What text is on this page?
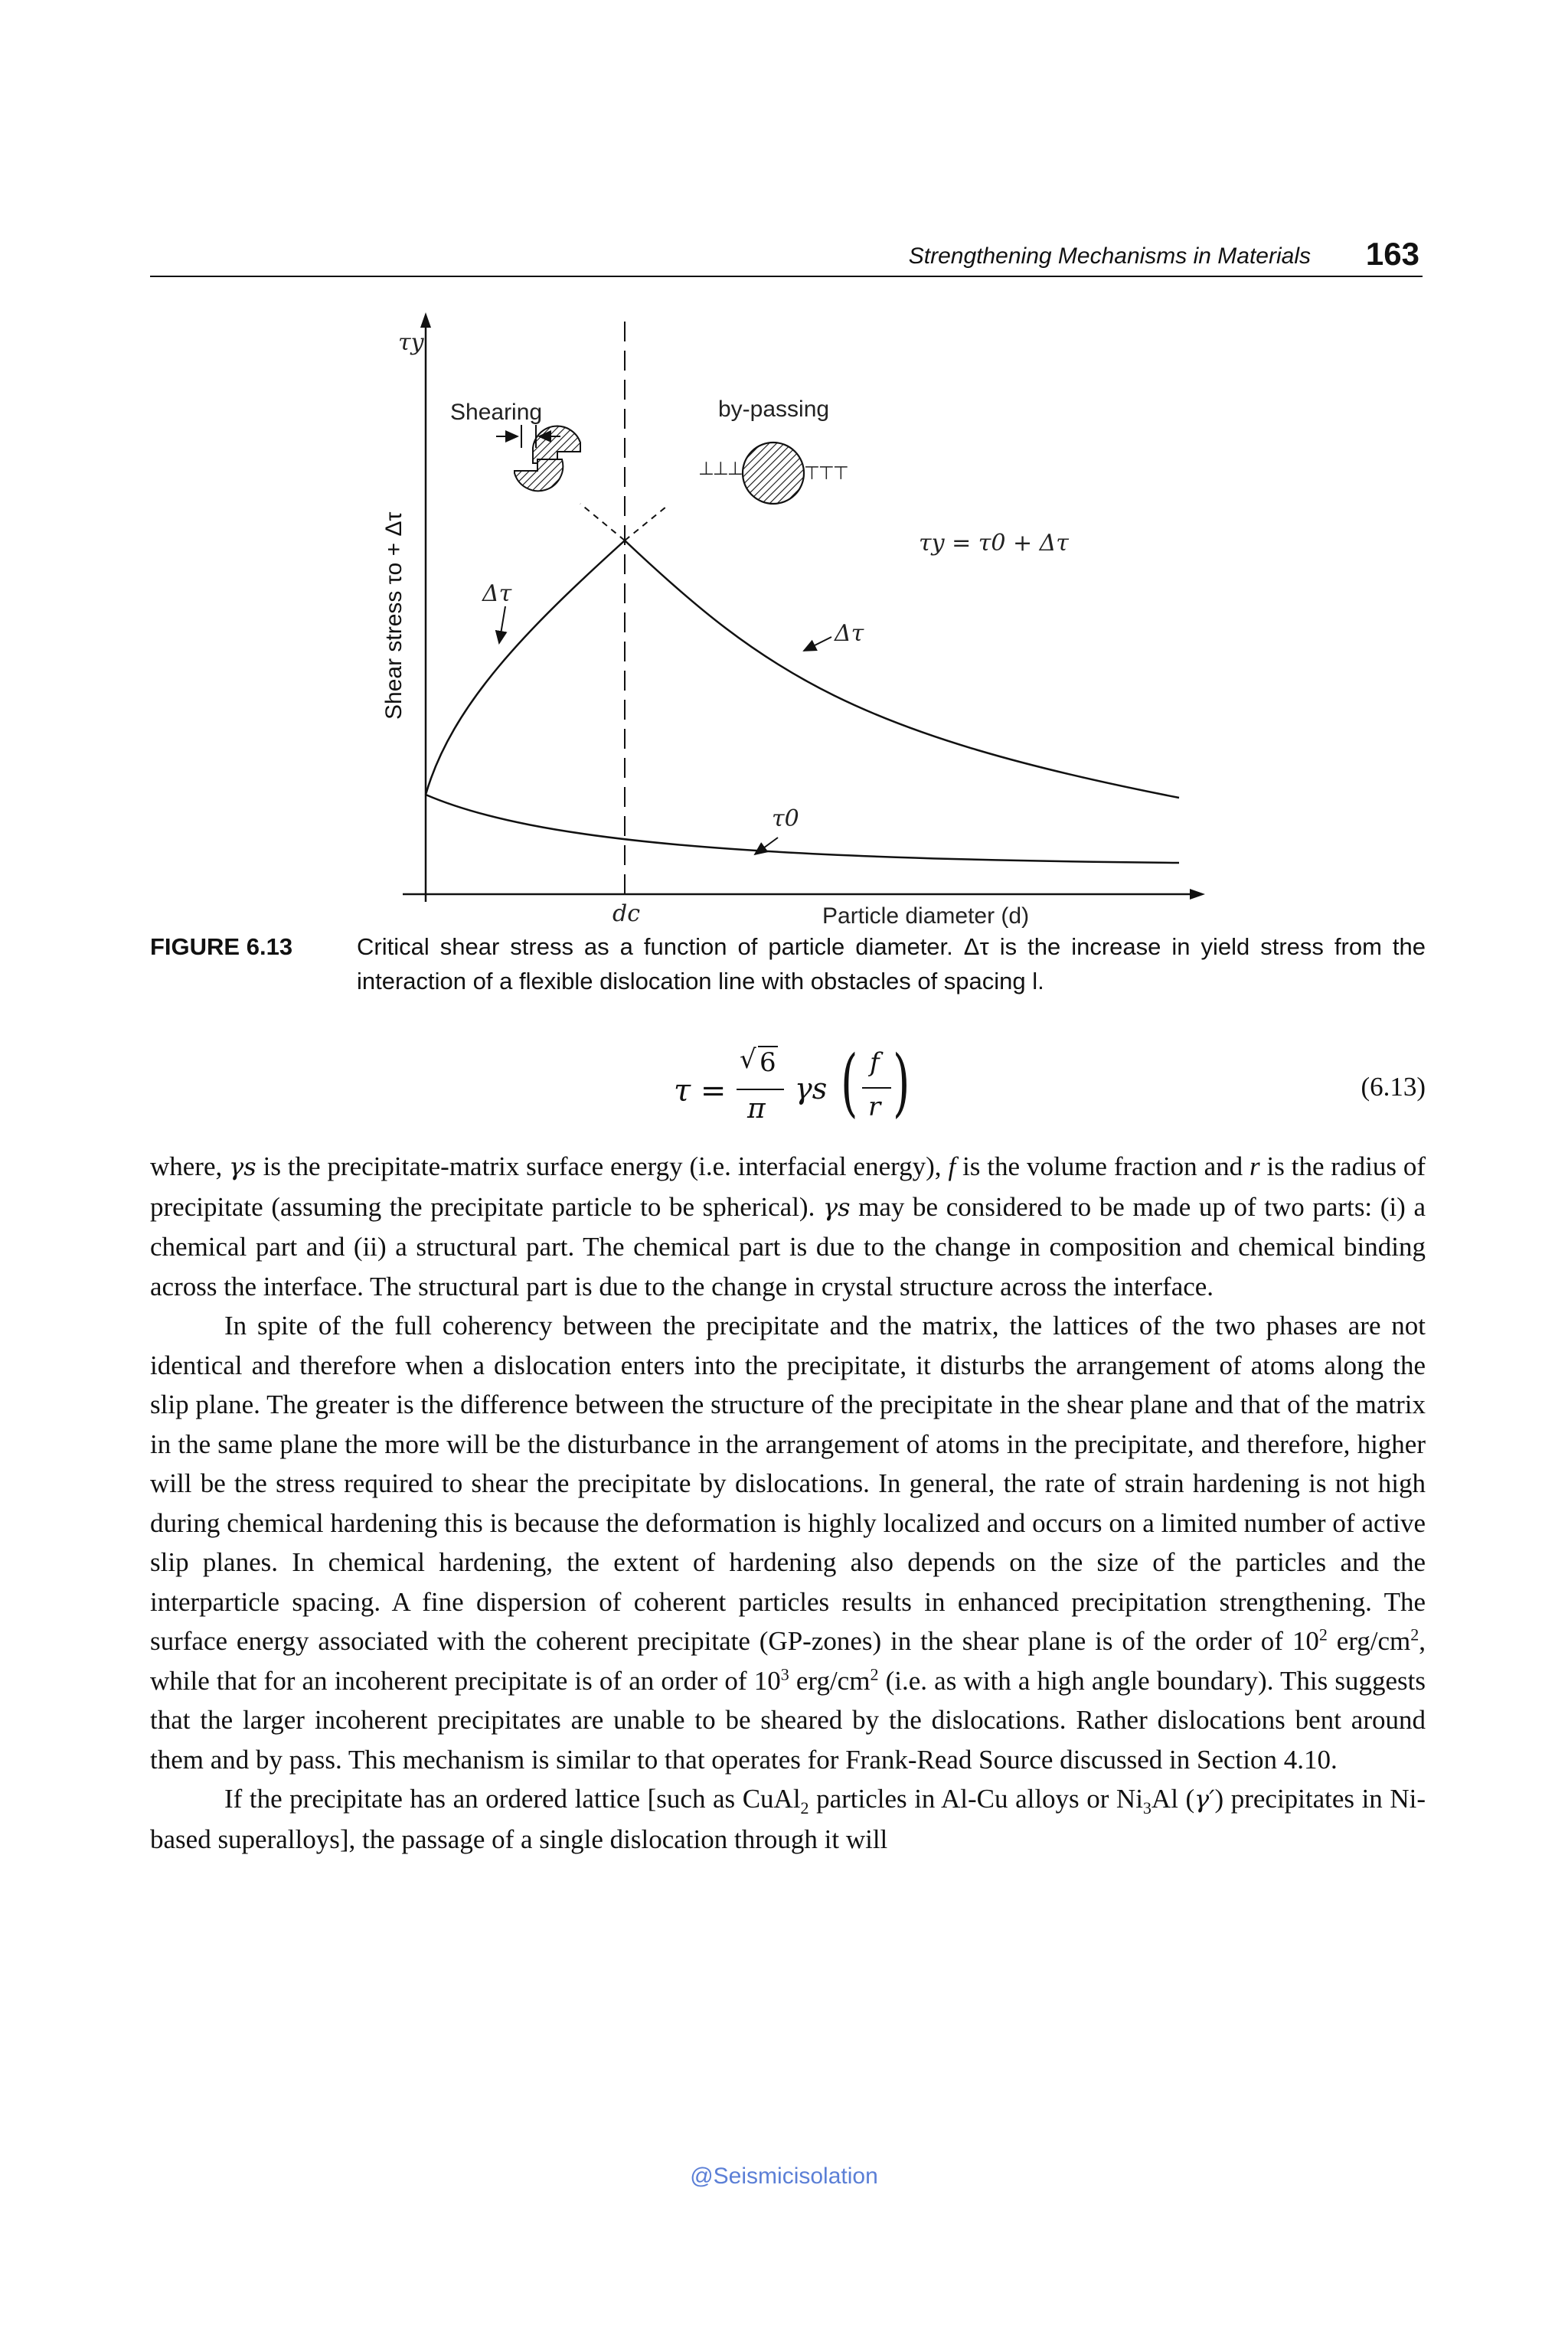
Strengthening Mechanisms in Materials 163
τy
Shear stress τo + Δτ
Shearing	by-passing
⊥⊥⊥	⊤⊤⊤
Δτ
Δτ
τy = τ0 + Δτ
τ0
dc	Particle diameter (d)
FIGURE 6.13	Critical shear stress as a function of particle diameter. Δτ is the increase in yield stress from the interaction of a flexible dislocation line with obstacles of spacing l.
τ =
√ 6
π
γs ( f
r )	(6.13)

where, γs is the precipitate-matrix surface energy (i.e. interfacial energy), f is the volume fraction and r is the radius of precipitate (assuming the precipitate particle to be spherical). γs may be considered to be made up of two parts: (i) a chemical part and (ii) a structural part. The chemical part is due to the change in composition and chemical binding across the interface. The structural part is due to the change in crystal structure across the interface.

In spite of the full coherency between the precipitate and the matrix, the lattices of the two phases are not identical and therefore when a dislocation enters into the precipitate, it disturbs the arrangement of atoms along the slip plane. The greater is the difference between the structure of the precipitate in the shear plane and that of the matrix in the same plane the more will be the disturbance in the arrangement of atoms in the precipitate, and therefore, higher will be the stress required to shear the precipitate by dislocations. In general, the rate of strain hardening is not high during chemical hardening this is because the deformation is highly localized and occurs on a limited number of active slip planes. In chemical hardening, the extent of hardening also depends on the size of the particles and the interparticle spacing. A fine dispersion of coherent particles results in enhanced precipitation strengthening. The surface energy associated with the coherent precipitate (GP-zones) in the shear plane is of the order of $10^2$ erg/$cm^2$, while that for an incoherent precipitate is of an order of $10^3$ erg/$cm^2$ (i.e. as with a high angle boundary). This suggests that the larger incoherent precipitates are unable to be sheared by the dislocations. Rather dislocations bent around them and by pass. This mechanism is similar to that operates for Frank-Read Source discussed in Section 4.10.

If the precipitate has an ordered lattice [such as CuAl$_2$ particles in Al-Cu alloys or $Ni_3Al$ (γ′) precipitates in Ni-based superalloys], the passage of a single dislocation through it will

@Seismicisolation
